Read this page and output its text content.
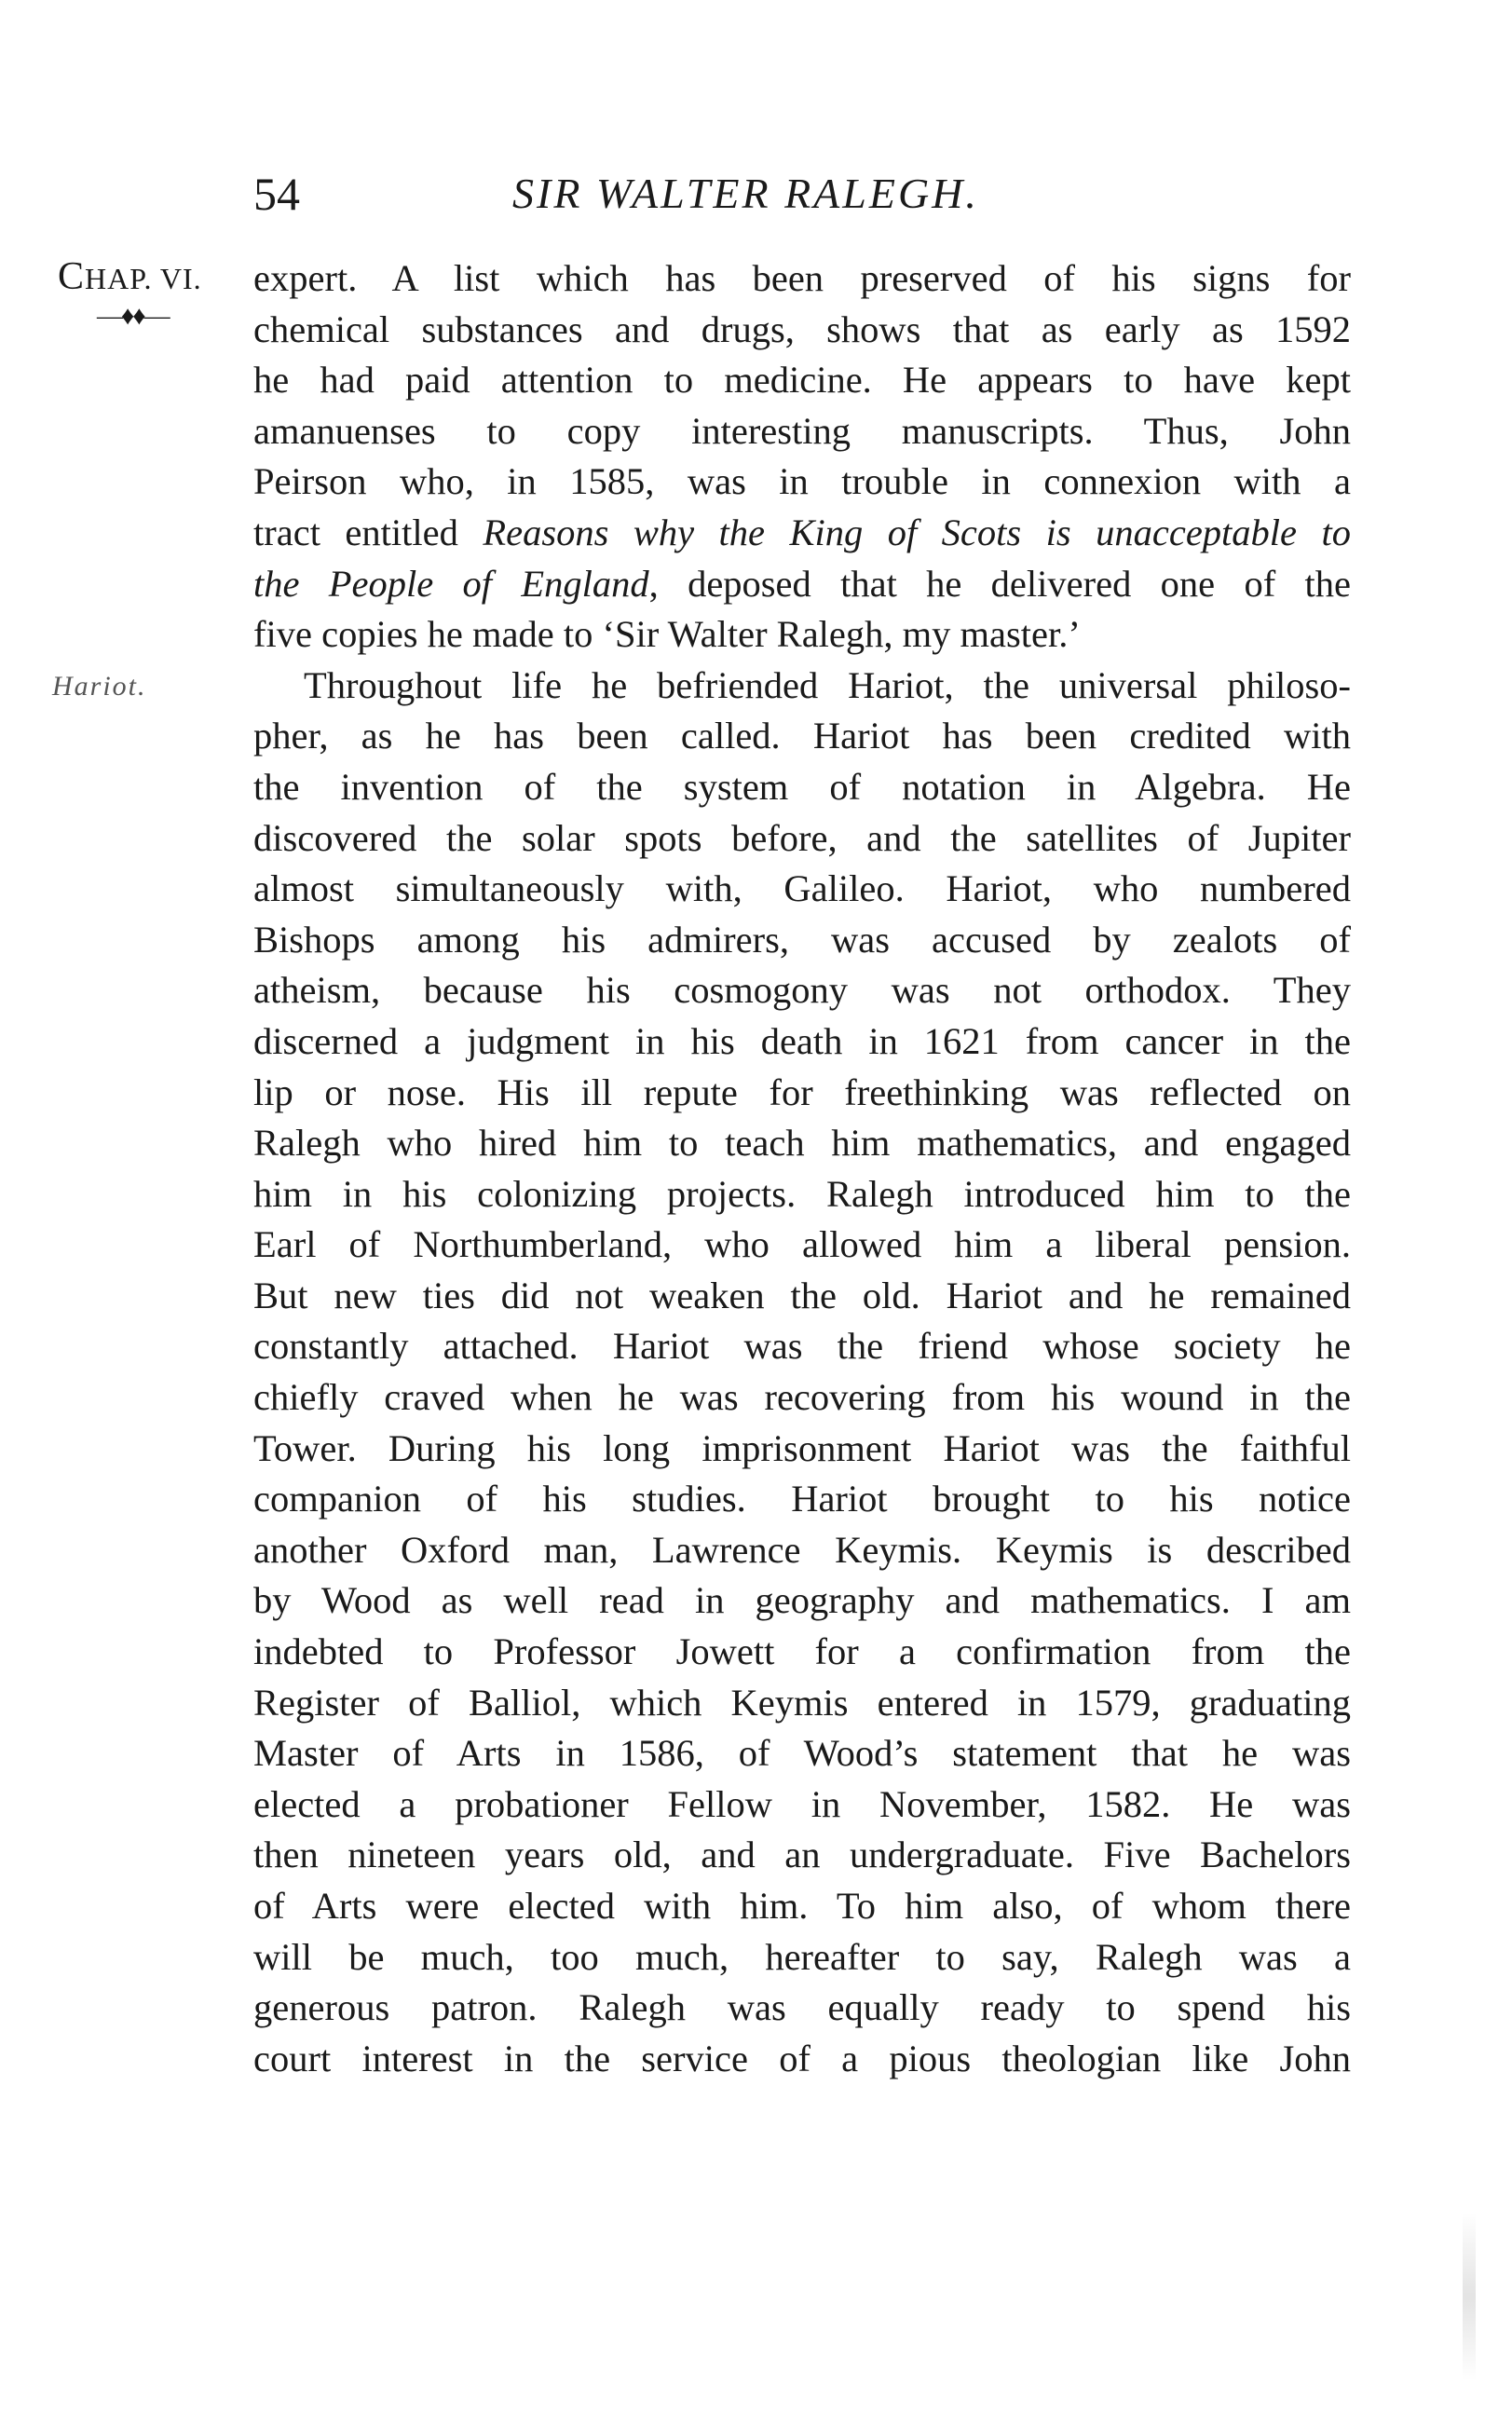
54	SIR WALTER RALEGH.
CHAP. VI.
—♦♦—
Hariot.
expert. A list which has been preserved of his signs for
chemical substances and drugs, shows that as early as 1592
he had paid attention to medicine. He appears to have kept
amanuenses to copy interesting manuscripts. Thus, John
Peirson who, in 1585, was in trouble in connexion with a
tract entitled Reasons why the King of Scots is unacceptable to
the People of England, deposed that he delivered one of the
five copies he made to ‘Sir Walter Ralegh, my master.’
Throughout life he befriended Hariot, the universal philoso-
pher, as he has been called. Hariot has been credited with
the invention of the system of notation in Algebra. He
discovered the solar spots before, and the satellites of Jupiter
almost simultaneously with, Galileo. Hariot, who numbered
Bishops among his admirers, was accused by zealots of
atheism, because his cosmogony was not orthodox. They
discerned a judgment in his death in 1621 from cancer in the
lip or nose. His ill repute for freethinking was reflected on
Ralegh who hired him to teach him mathematics, and engaged
him in his colonizing projects. Ralegh introduced him to the
Earl of Northumberland, who allowed him a liberal pension.
But new ties did not weaken the old. Hariot and he remained
constantly attached. Hariot was the friend whose society he
chiefly craved when he was recovering from his wound in the
Tower. During his long imprisonment Hariot was the faithful
companion of his studies. Hariot brought to his notice
another Oxford man, Lawrence Keymis. Keymis is described
by Wood as well read in geography and mathematics. I am
indebted to Professor Jowett for a confirmation from the
Register of Balliol, which Keymis entered in 1579, graduating
Master of Arts in 1586, of Wood’s statement that he was
elected a probationer Fellow in November, 1582. He was
then nineteen years old, and an undergraduate. Five Bachelors
of Arts were elected with him. To him also, of whom there
will be much, too much, hereafter to say, Ralegh was a
generous patron. Ralegh was equally ready to spend his
court interest in the service of a pious theologian like John
